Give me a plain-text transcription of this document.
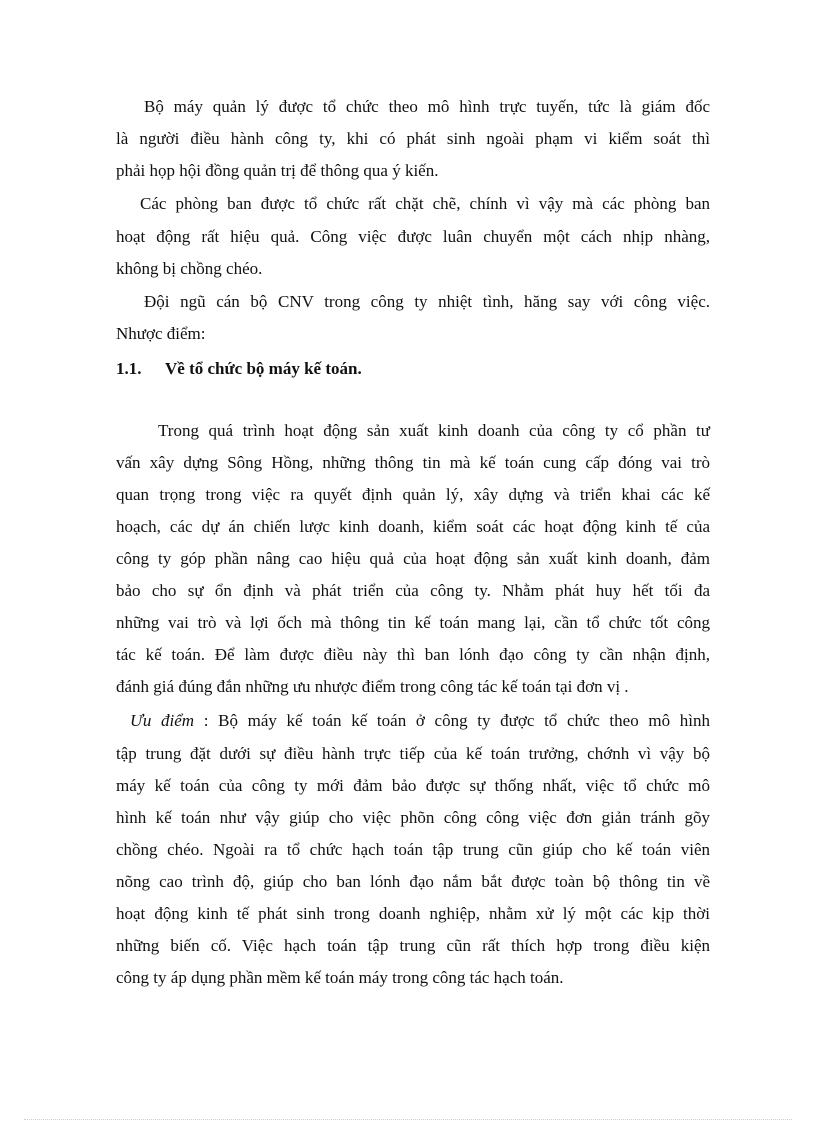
Bộ máy quản lý được tổ chức theo mô hình trực tuyến, tức là giám đốc
là người điều hành công ty, khi có phát sinh ngoài phạm vi kiểm soát thì
phải họp hội đồng quản trị để thông qua ý kiến.
Các phòng ban được tổ chức rất chặt chẽ, chính vì vậy mà các phòng ban
hoạt động rất hiệu quả. Công việc được luân chuyển một cách nhịp nhàng,
không bị chồng chéo.
Đội ngũ cán bộ CNV trong công ty nhiệt tình, hăng say với công việc.
Nhược điểm:
1.1. Về tổ chức bộ máy kế toán.
Trong quá trình hoạt động sản xuất kinh doanh của công ty cổ phần tư
vấn xây dựng Sông Hồng, những thông tin mà kế toán cung cấp đóng vai trò
quan trọng trong việc ra quyết định quản lý, xây dựng và triển khai các kế
hoạch, các dự án chiến lược kinh doanh, kiểm soát các hoạt động kinh tế của
công ty góp phần nâng cao hiệu quả của hoạt động sản xuất kinh doanh, đảm
bảo cho sự ổn định và phát triển của công ty. Nhằm phát huy hết tối đa
những vai trò và lợi ốch mà thông tin kế toán mang lại, cần tổ chức tốt công
tác kế toán. Để làm được điều này thì ban lónh đạo công ty cần nhận định,
đánh giá đúng đắn những ưu nhược điểm trong công tác kế toán tại đơn vị .
Ưu điểm : Bộ máy kế toán kế toán ở công ty được tổ chức theo mô hình
tập trung đặt dưới sự điều hành trực tiếp của kế toán trưởng, chớnh vì vậy bộ
máy kế toán của công ty mới đảm bảo được sự thống nhất, việc tổ chức mô
hình kế toán như vậy giúp cho việc phõn công công việc đơn giản tránh gõy
chồng chéo. Ngoài ra tổ chức hạch toán tập trung cũn giúp cho kế toán viên
nõng cao trình độ, giúp cho ban lónh đạo nắm bắt được toàn bộ thông tin về
hoạt động kinh tế phát sinh trong doanh nghiệp, nhằm xử lý một các kịp thời
những biến cố. Việc hạch toán tập trung cũn rất thích hợp trong điều kiện
công ty áp dụng phần mềm kế toán máy trong công tác hạch toán.
